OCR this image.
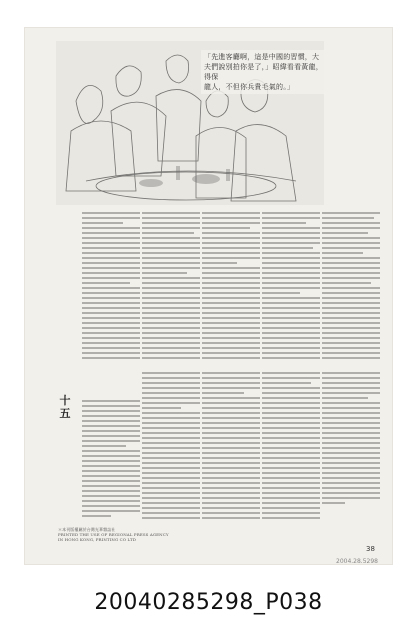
「先進客廳啊，這是中國的習慣，大

夫們說別拍你是了，」昭緯看看黃龍，得保

龍人，不但你兵貴毛氣的。」

十五
＊本刊版權屬於台灣光華雜誌社
PRINTED THE USE OF REGIONAL PRESS AGENCY
IN HONG KONG, PRINTING CO LTD
38
2004.28.5298
20040285298_P038
